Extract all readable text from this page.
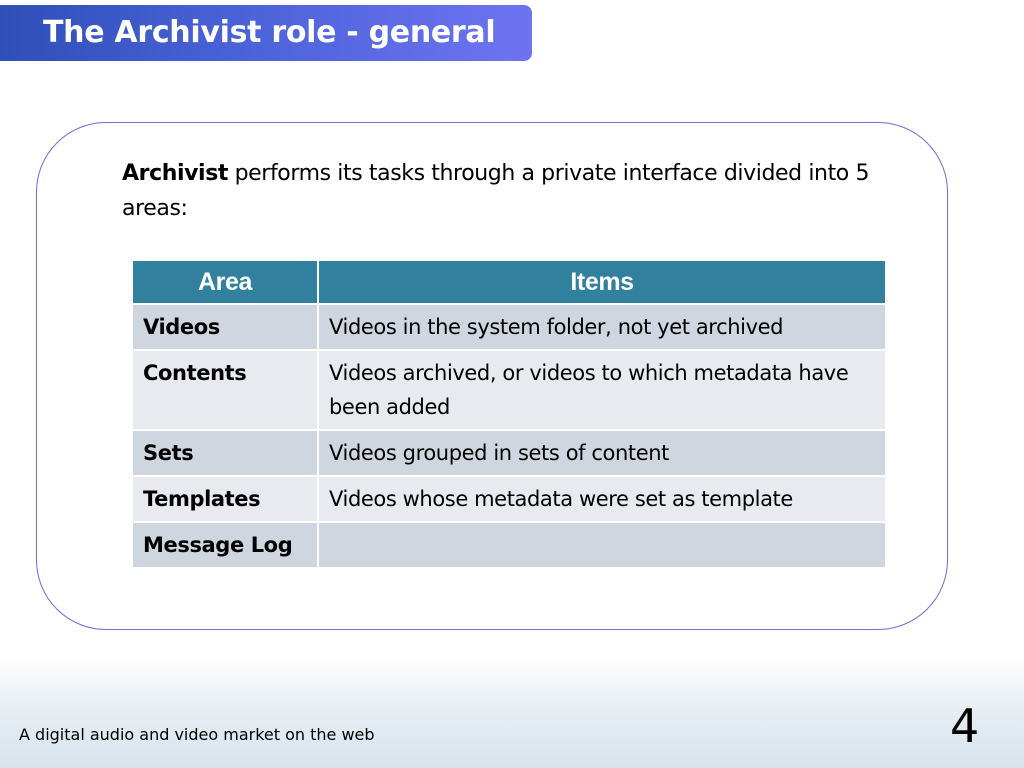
The Archivist role - general
Archivist performs its tasks through a private interface divided into 5 areas:
Area	Items
Videos	Videos in the system folder, not yet archived
Contents	Videos archived, or videos to which metadata have been added
Sets	Videos grouped in sets of content
Templates	Videos whose metadata were set as template
Message Log	
A digital audio and video market on the web	4
